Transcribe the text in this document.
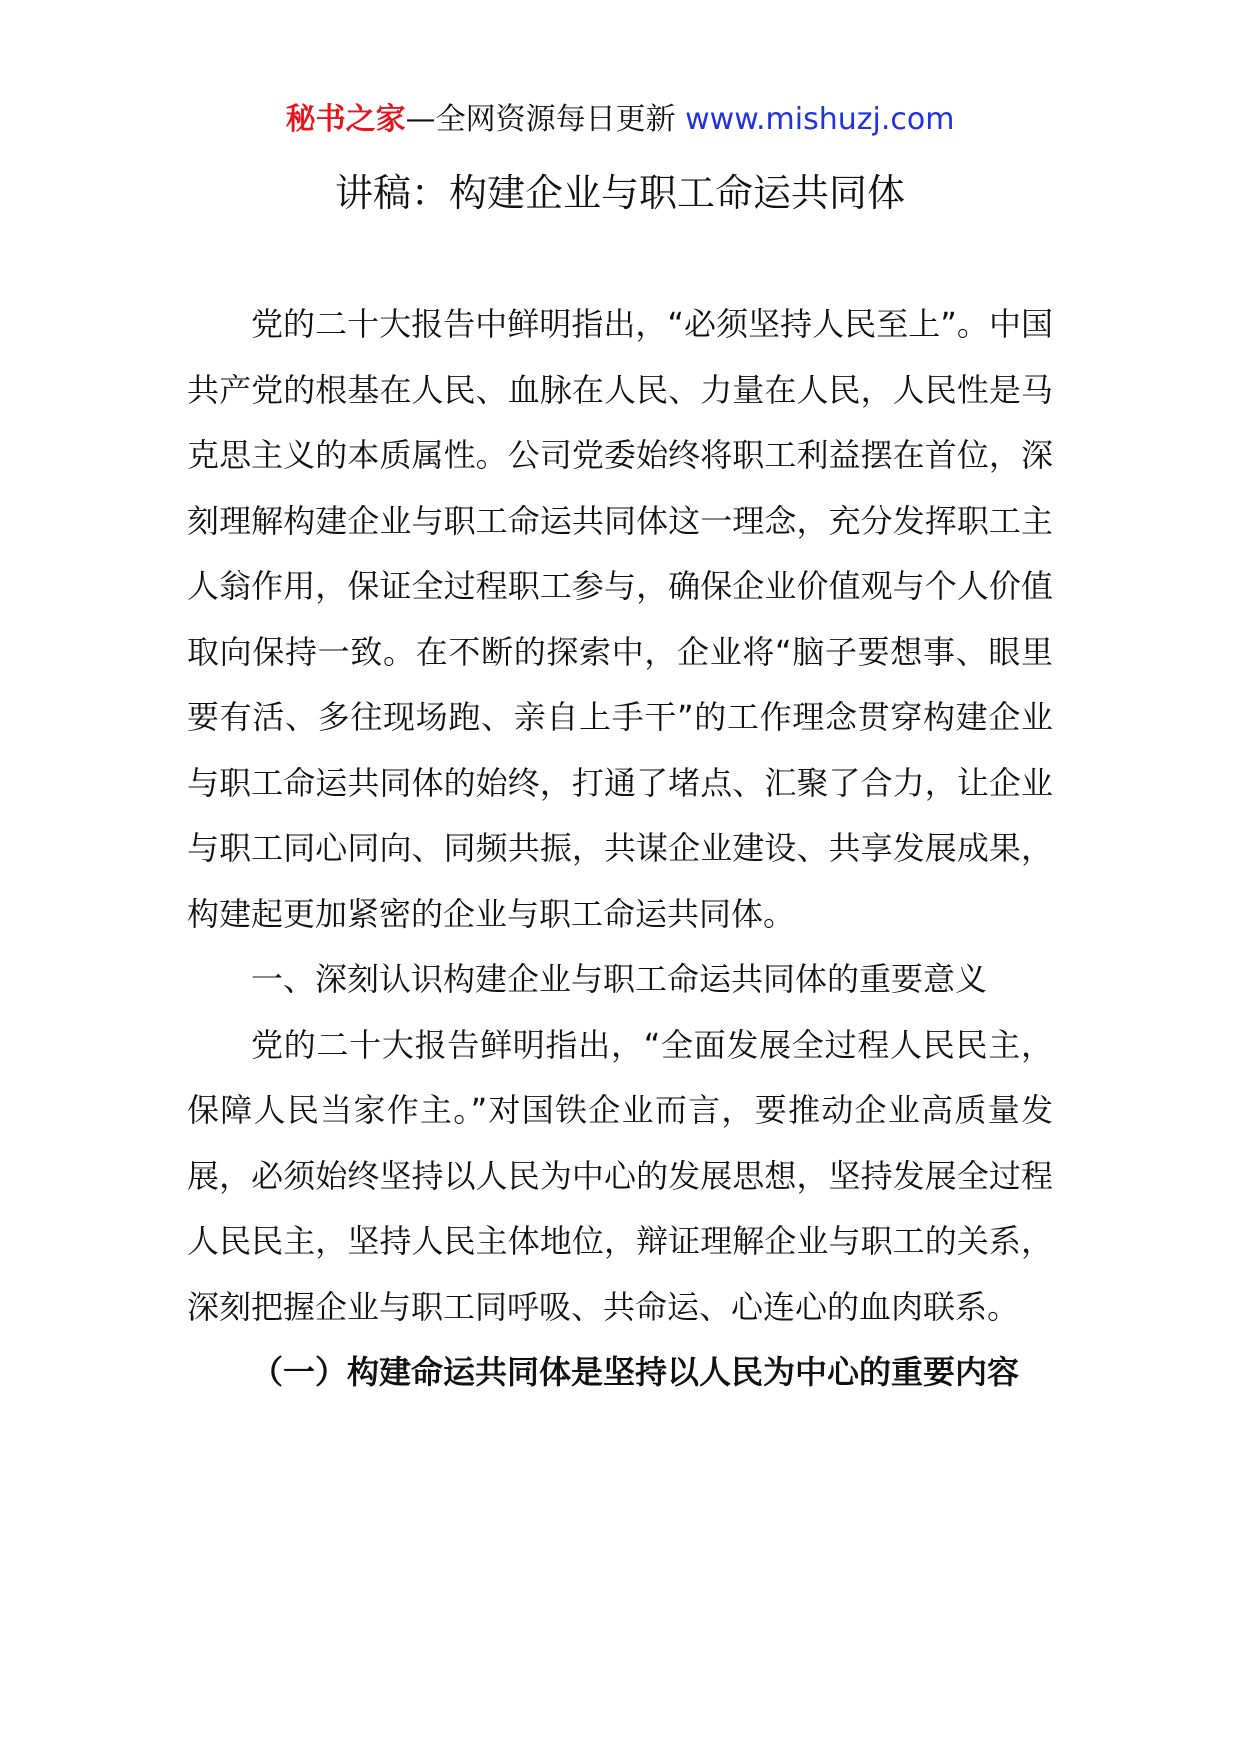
秘书之家—全网资源每日更新 www.mishuzj.com
讲稿：构建企业与职工命运共同体

党的二十大报告中鲜明指出，“必须坚持人民至上”。中国共产党的根基在人民、血脉在人民、力量在人民，人民性是马克思主义的本质属性。公司党委始终将职工利益摆在首位，深刻理解构建企业与职工命运共同体这一理念，充分发挥职工主人翁作用，保证全过程职工参与，确保企业价值观与个人价值取向保持一致。在不断的探索中，企业将“脑子要想事、眼里要有活、多往现场跑、亲自上手干”的工作理念贯穿构建企业与职工命运共同体的始终，打通了堵点、汇聚了合力，让企业与职工同心同向、同频共振，共谋企业建设、共享发展成果，构建起更加紧密的企业与职工命运共同体。

一、深刻认识构建企业与职工命运共同体的重要意义

党的二十大报告鲜明指出，“全面发展全过程人民民主，保障人民当家作主。”对国铁企业而言，要推动企业高质量发展，必须始终坚持以人民为中心的发展思想，坚持发展全过程人民民主，坚持人民主体地位，辩证理解企业与职工的关系，深刻把握企业与职工同呼吸、共命运、心连心的血肉联系。

（一）构建命运共同体是坚持以人民为中心的重要内容
